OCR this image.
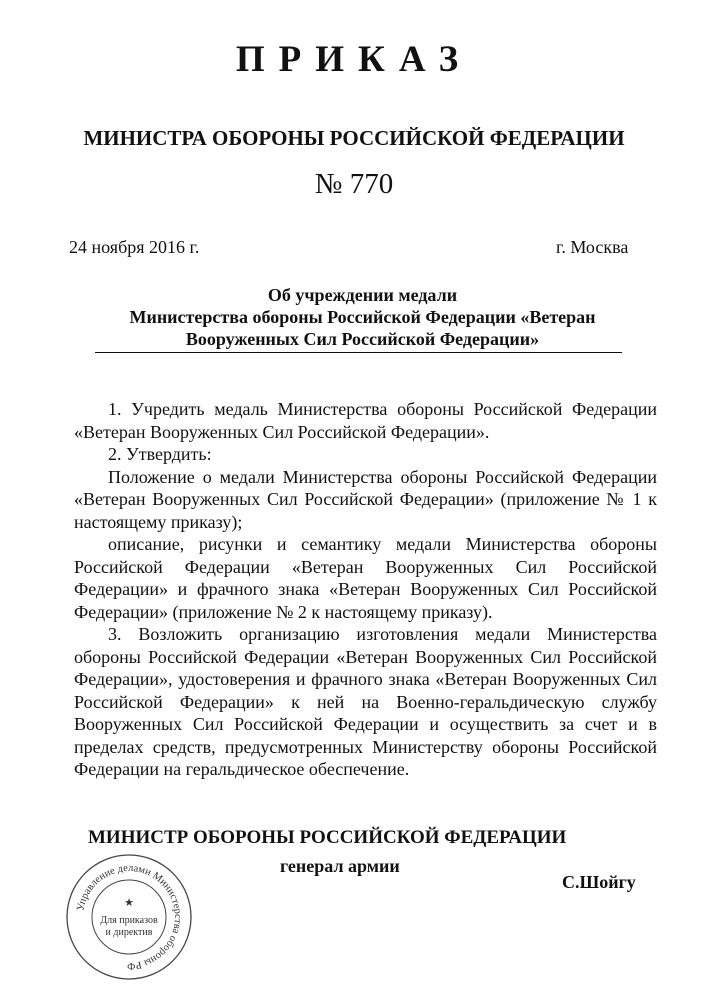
ПРИКАЗ
МИНИСТРА ОБОРОНЫ РОССИЙСКОЙ ФЕДЕРАЦИИ
№ 770
24 ноября 2016 г.	г. Москва
Об учреждении медали
Министерства обороны Российской Федерации «Ветеран
Вооруженных Сил Российской Федерации»

1. Учредить медаль Министерства обороны Российской Федерации «Ветеран Вооруженных Сил Российской Федерации».

2. Утвердить:

Положение о медали Министерства обороны Российской Федерации «Ветеран Вооруженных Сил Российской Федерации» (приложение № 1 к настоящему приказу);

описание, рисунки и семантику медали Министерства обороны Российской Федерации «Ветеран Вооруженных Сил Российской Федерации» и фрачного знака «Ветеран Вооруженных Сил Российской Федерации» (приложение № 2 к настоящему приказу).

3. Возложить организацию изготовления медали Министерства обороны Российской Федерации «Ветеран Вооруженных Сил Российской Федерации», удостоверения и фрачного знака «Ветеран Вооруженных Сил Российской Федерации» к ней на Военно-геральдическую службу Вооруженных Сил Российской Федерации и осуществить за счет и в пределах средств, предусмотренных Министерству обороны Российской Федерации на геральдическое обеспечение.

МИНИСТР ОБОРОНЫ РОССИЙСКОЙ ФЕДЕРАЦИИ
генерал армии
С.Шойгу
Управление делами Министерства обороны РФ
★
Для приказов
и директив
